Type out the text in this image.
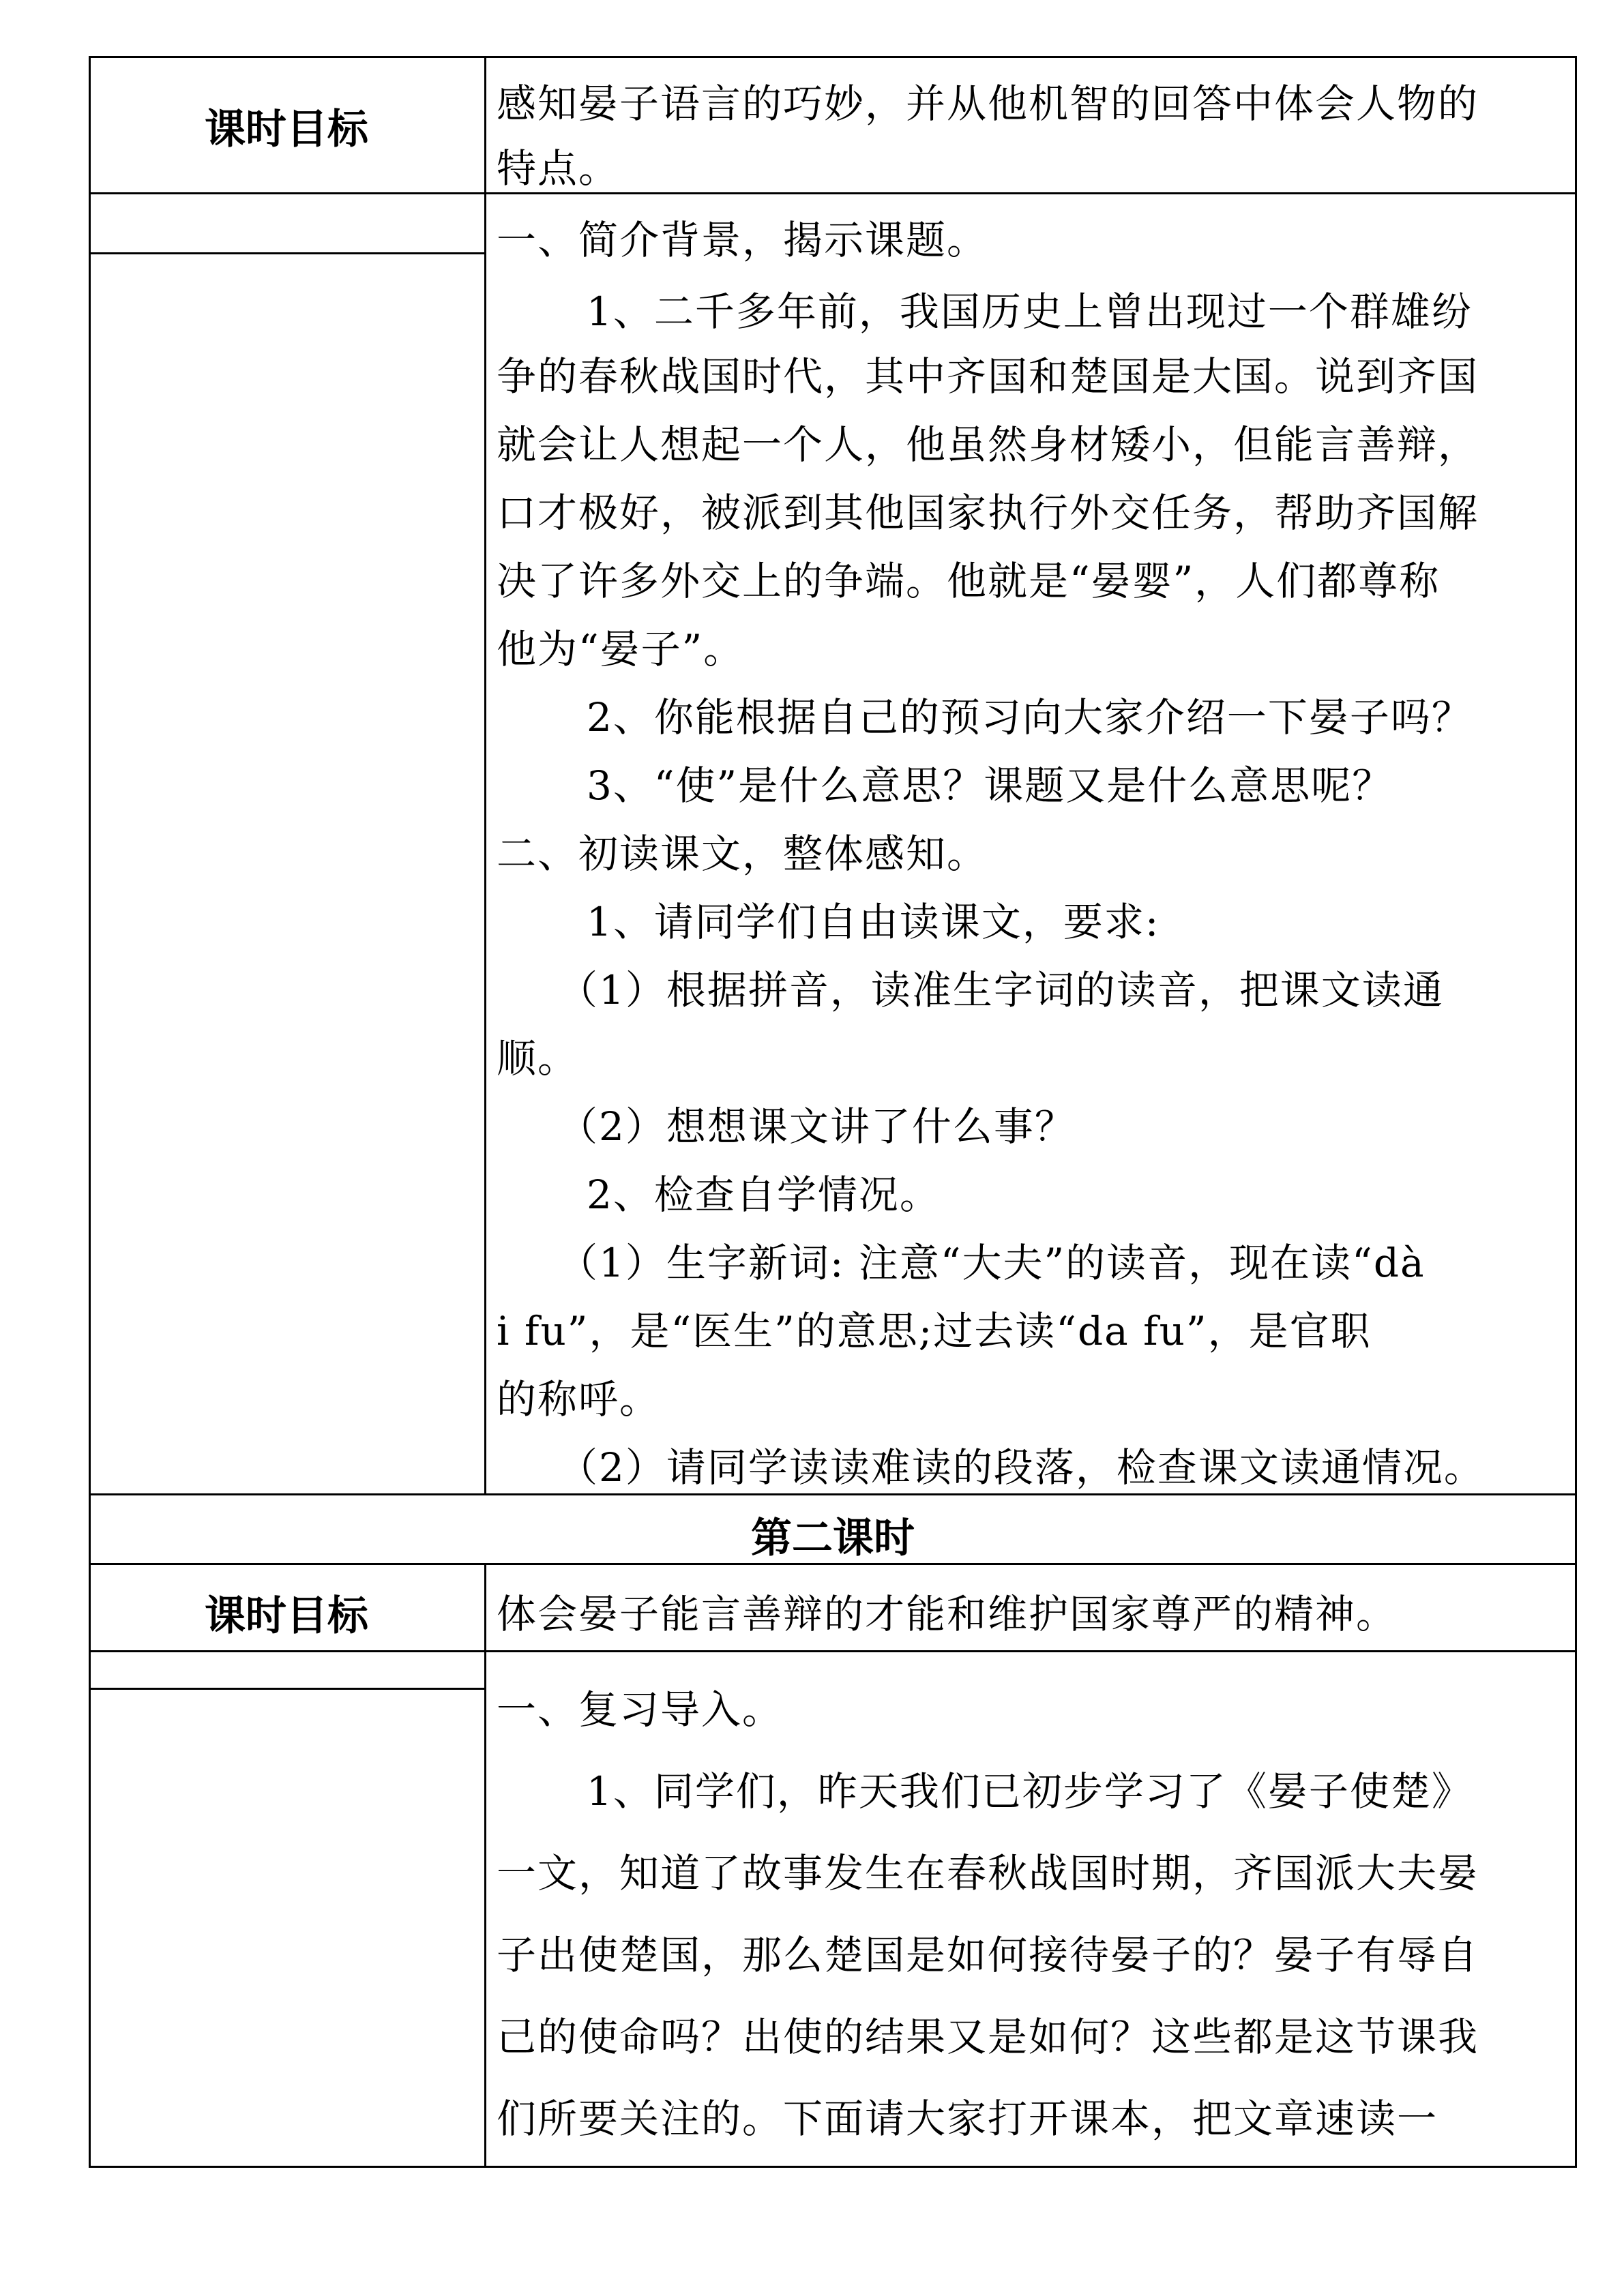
课时目标
感知晏子语言的巧妙，并从他机智的回答中体会人物的
特点。
一、简介背景，揭示课题。
1、二千多年前，我国历史上曾出现过一个群雄纷
争的春秋战国时代，其中齐国和楚国是大国。说到齐国
就会让人想起一个人，他虽然身材矮小，但能言善辩，
口才极好，被派到其他国家执行外交任务，帮助齐国解
决了许多外交上的争端。他就是“晏婴”，人们都尊称
他为“晏子”。
2、你能根据自己的预习向大家介绍一下晏子吗？
3、“使”是什么意思？课题又是什么意思呢？
二、初读课文，整体感知。
1、请同学们自由读课文，要求:
（1）根据拼音，读准生字词的读音，把课文读通
顺。
（2）想想课文讲了什么事？
2、检查自学情况。
（1）生字新词: 注意“大夫”的读音，现在读“dà
i fu”，是“医生”的意思;过去读“da fu”，是官职
的称呼。
（2）请同学读读难读的段落，检查课文读通情况。
第二课时
课时目标	体会晏子能言善辩的才能和维护国家尊严的精神。
一、复习导入。
1、同学们，昨天我们已初步学习了《晏子使楚》
一文，知道了故事发生在春秋战国时期，齐国派大夫晏
子出使楚国，那么楚国是如何接待晏子的？晏子有辱自
己的使命吗？出使的结果又是如何？这些都是这节课我
们所要关注的。下面请大家打开课本，把文章速读一
